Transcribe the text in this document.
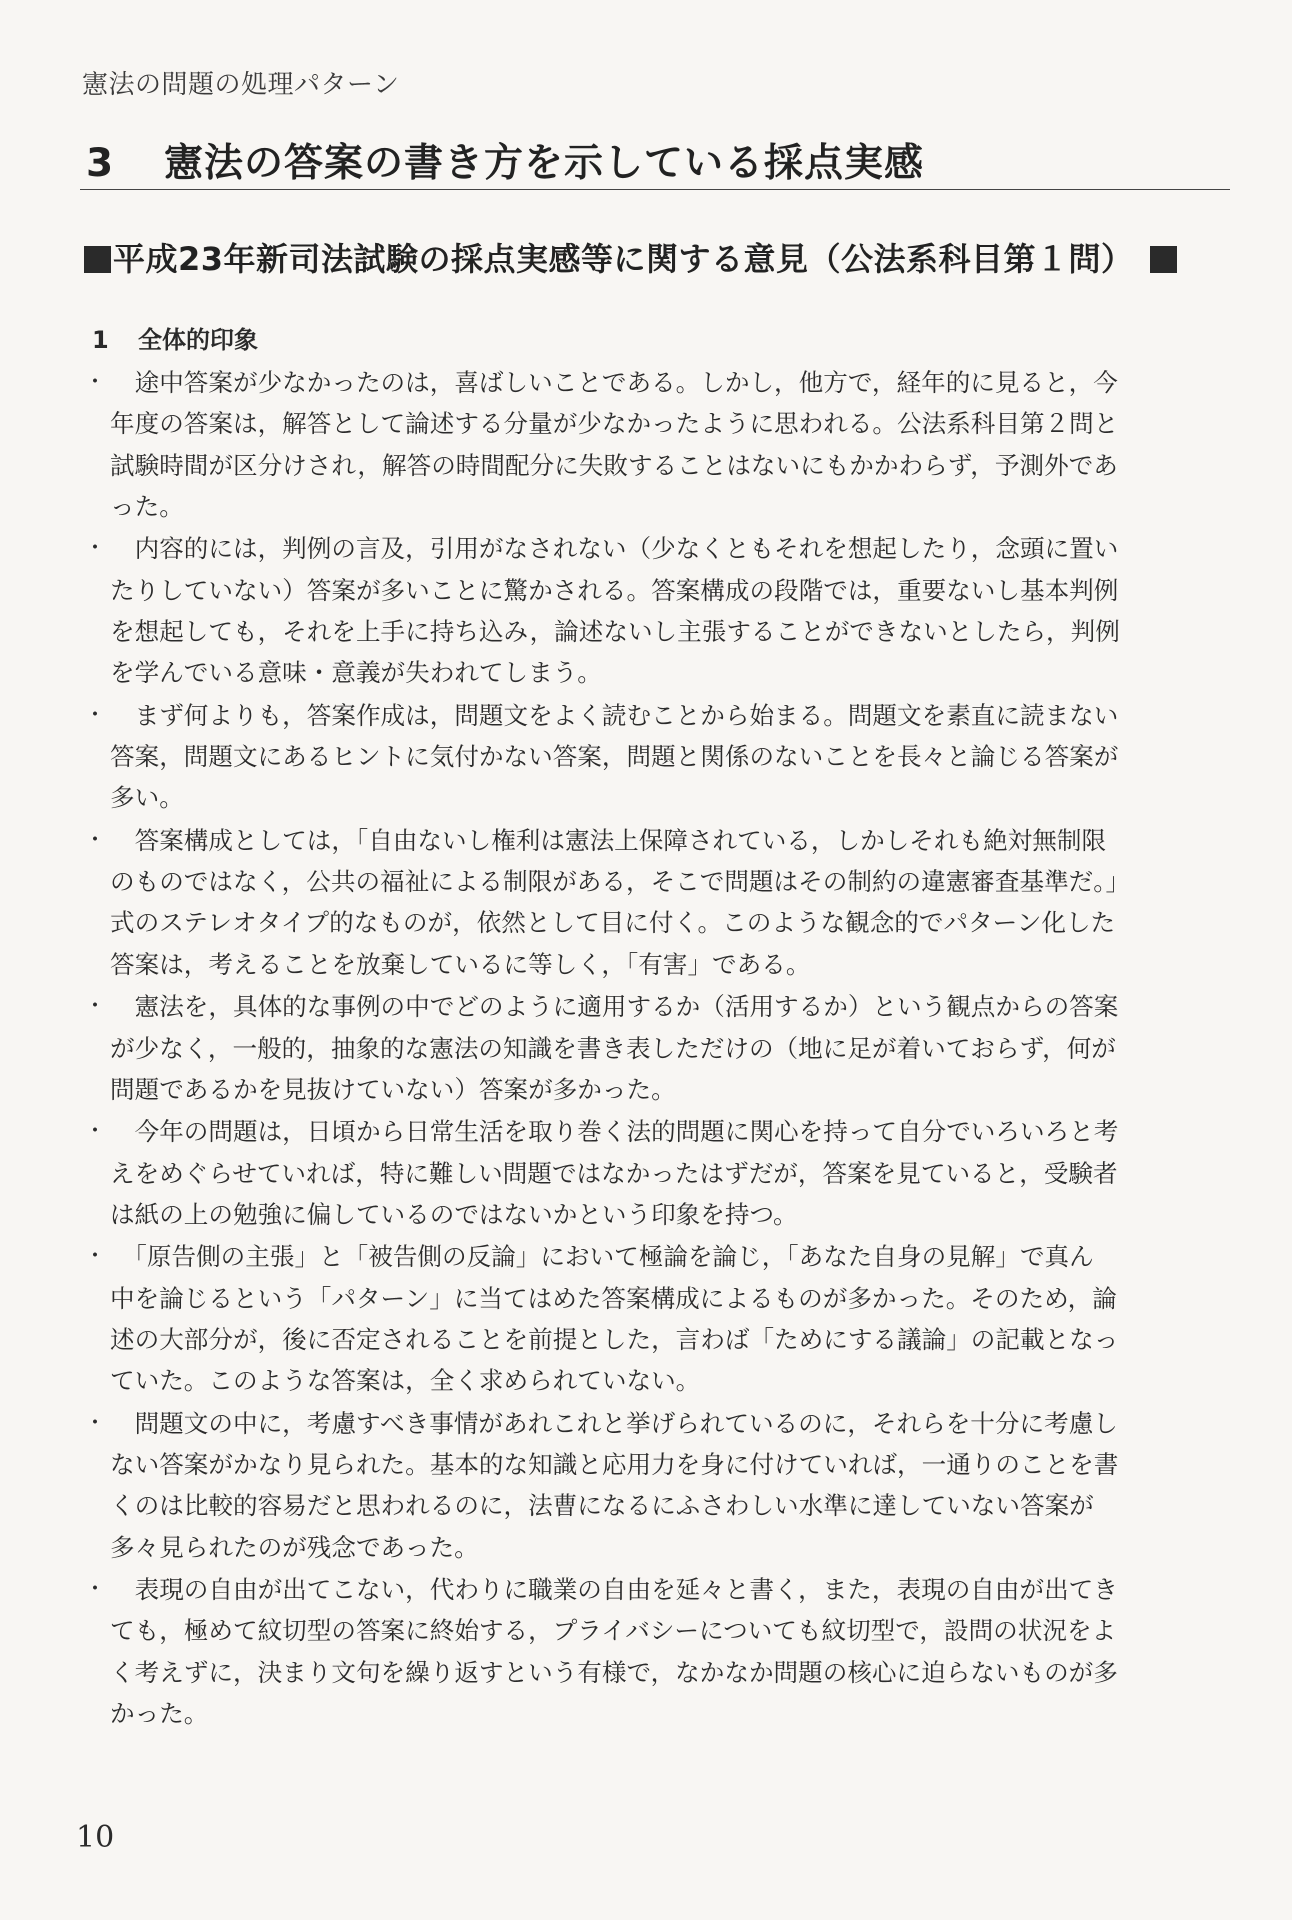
憲法の問題の処理パターン
3 憲法の答案の書き方を示している採点実感
平成23年新司法試験の採点実感等に関する意見（公法系科目第１問）
1 全体的印象
・ 　途中答案が少なかったのは，喜ばしいことである。しかし，他方で，経年的に見ると，今
年度の答案は，解答として論述する分量が少なかったように思われる。公法系科目第２問と
試験時間が区分けされ，解答の時間配分に失敗することはないにもかかわらず，予測外であ
った。
・ 　内容的には，判例の言及，引用がなされない（少なくともそれを想起したり，念頭に置い
たりしていない）答案が多いことに驚かされる。答案構成の段階では，重要ないし基本判例
を想起しても，それを上手に持ち込み，論述ないし主張することができないとしたら，判例
を学んでいる意味・意義が失われてしまう。
・ 　まず何よりも，答案作成は，問題文をよく読むことから始まる。問題文を素直に読まない
答案，問題文にあるヒントに気付かない答案，問題と関係のないことを長々と論じる答案が
多い。
・ 　答案構成としては，「自由ないし権利は憲法上保障されている，しかしそれも絶対無制限
のものではなく，公共の福祉による制限がある，そこで問題はその制約の違憲審査基準だ。」
式のステレオタイプ的なものが，依然として目に付く。このような観念的でパターン化した
答案は，考えることを放棄しているに等しく，「有害」である。
・ 　憲法を，具体的な事例の中でどのように適用するか（活用するか）という観点からの答案
が少なく，一般的，抽象的な憲法の知識を書き表しただけの（地に足が着いておらず，何が
問題であるかを見抜けていない）答案が多かった。
・ 　今年の問題は，日頃から日常生活を取り巻く法的問題に関心を持って自分でいろいろと考
えをめぐらせていれば，特に難しい問題ではなかったはずだが，答案を見ていると，受験者
は紙の上の勉強に偏しているのではないかという印象を持つ。
・ 　「原告側の主張」と「被告側の反論」において極論を論じ，「あなた自身の見解」で真ん
中を論じるという「パターン」に当てはめた答案構成によるものが多かった。そのため，論
述の大部分が，後に否定されることを前提とした，言わば「ためにする議論」の記載となっ
ていた。このような答案は，全く求められていない。
・ 　問題文の中に，考慮すべき事情があれこれと挙げられているのに，それらを十分に考慮し
ない答案がかなり見られた。基本的な知識と応用力を身に付けていれば，一通りのことを書
くのは比較的容易だと思われるのに，法曹になるにふさわしい水準に達していない答案が
多々見られたのが残念であった。
・ 　表現の自由が出てこない，代わりに職業の自由を延々と書く，また，表現の自由が出てき
ても，極めて紋切型の答案に終始する，プライバシーについても紋切型で，設問の状況をよ
く考えずに，決まり文句を繰り返すという有様で，なかなか問題の核心に迫らないものが多
かった。
10
